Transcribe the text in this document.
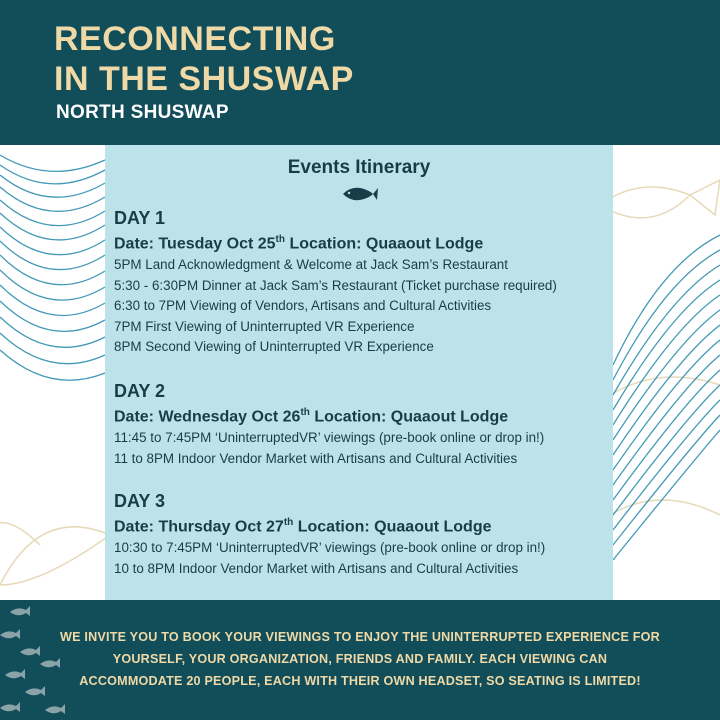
RECONNECTING
IN THE SHUSWAP
NORTH SHUSWAP
Events Itinerary
DAY 1
Date: Tuesday Oct 25th Location: Quaaout Lodge
5PM Land Acknowledgment & Welcome at Jack Sam’s Restaurant
5:30 - 6:30PM Dinner at Jack Sam’s Restaurant (Ticket purchase required)
6:30 to 7PM Viewing of Vendors, Artisans and Cultural Activities
7PM First Viewing of Uninterrupted VR Experience
8PM Second Viewing of Uninterrupted VR Experience
DAY 2
Date: Wednesday Oct 26th Location: Quaaout Lodge
11:45 to 7:45PM ‘UninterruptedVR’ viewings (pre-book online or drop in!)
11 to 8PM Indoor Vendor Market with Artisans and Cultural Activities
DAY 3
Date: Thursday Oct 27th Location: Quaaout Lodge
10:30 to 7:45PM ‘UninterruptedVR’ viewings (pre-book online or drop in!)
10 to 8PM Indoor Vendor Market with Artisans and Cultural Activities
WE INVITE YOU TO BOOK YOUR VIEWINGS TO ENJOY THE UNINTERRUPTED EXPERIENCE FOR
YOURSELF, YOUR ORGANIZATION, FRIENDS AND FAMILY. EACH VIEWING CAN
ACCOMMODATE 20 PEOPLE, EACH WITH THEIR OWN HEADSET, SO SEATING IS LIMITED!
